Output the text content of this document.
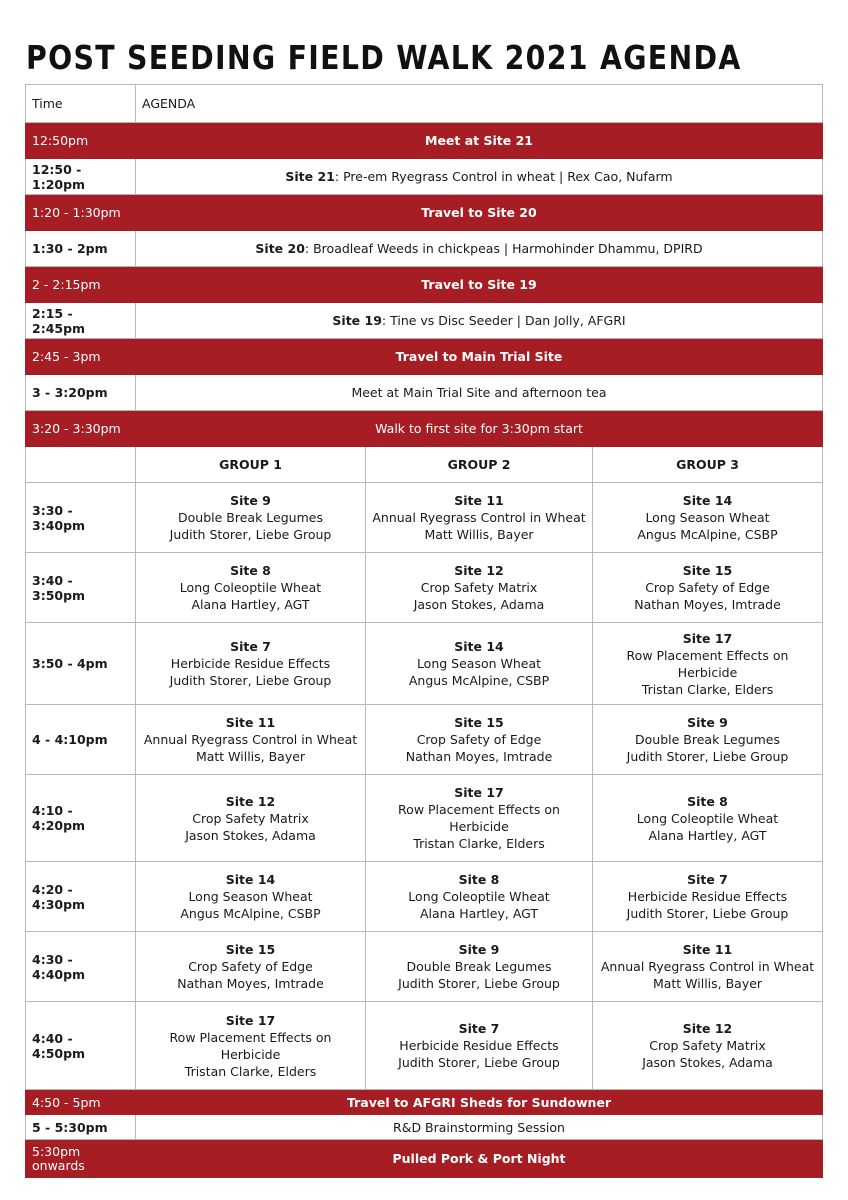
POST SEEDING FIELD WALK 2021 AGENDA
Time	AGENDA		
12:50pm	Meet at Site 21		
12:50 - 1:20pm	Site 21: Pre-em Ryegrass Control in wheat | Rex Cao, Nufarm		
1:20 - 1:30pm	Travel to Site 20		
1:30 - 2pm	Site 20: Broadleaf Weeds in chickpeas | Harmohinder Dhammu, DPIRD		
2 - 2:15pm	Travel to Site 19		
2:15 - 2:45pm	Site 19: Tine vs Disc Seeder | Dan Jolly, AFGRI		
2:45 - 3pm	Travel to Main Trial Site		
3 - 3:20pm	Meet at Main Trial Site and afternoon tea		
3:20 - 3:30pm	Walk to first site for 3:30pm start		
	GROUP 1	GROUP 2	GROUP 3
3:30 - 3:40pm	Site 9
Double Break Legumes
Judith Storer, Liebe Group	Site 11
Annual Ryegrass Control in Wheat
Matt Willis, Bayer	Site 14
Long Season Wheat
Angus McAlpine, CSBP

3:40 - 3:50pm	Site 8
Long Coleoptile Wheat
Alana Hartley, AGT	Site 12
Crop Safety Matrix
Jason Stokes, Adama	Site 15
Crop Safety of Edge
Nathan Moyes, Imtrade

3:50 - 4pm	Site 7
Herbicide Residue Effects
Judith Storer, Liebe Group	Site 14
Long Season Wheat
Angus McAlpine, CSBP	Site 17
Row Placement Effects on Herbicide
Tristan Clarke, Elders

4 - 4:10pm	Site 11
Annual Ryegrass Control in Wheat
Matt Willis, Bayer	Site 15
Crop Safety of Edge
Nathan Moyes, Imtrade	Site 9
Double Break Legumes
Judith Storer, Liebe Group

4:10 - 4:20pm	Site 12
Crop Safety Matrix
Jason Stokes, Adama	Site 17
Row Placement Effects on Herbicide
Tristan Clarke, Elders	Site 8
Long Coleoptile Wheat
Alana Hartley, AGT

4:20 - 4:30pm	Site 14
Long Season Wheat
Angus McAlpine, CSBP	Site 8
Long Coleoptile Wheat
Alana Hartley, AGT	Site 7
Herbicide Residue Effects
Judith Storer, Liebe Group

4:30 - 4:40pm	Site 15
Crop Safety of Edge
Nathan Moyes, Imtrade	Site 9
Double Break Legumes
Judith Storer, Liebe Group	Site 11
Annual Ryegrass Control in Wheat
Matt Willis, Bayer

4:40 - 4:50pm	Site 17
Row Placement Effects on Herbicide
Tristan Clarke, Elders	Site 7
Herbicide Residue Effects
Judith Storer, Liebe Group	Site 12
Crop Safety Matrix
Jason Stokes, Adama

4:50 - 5pm	Travel to AFGRI Sheds for Sundowner		
5 - 5:30pm	R&D Brainstorming Session		
5:30pm onwards	Pulled Pork & Port Night		
